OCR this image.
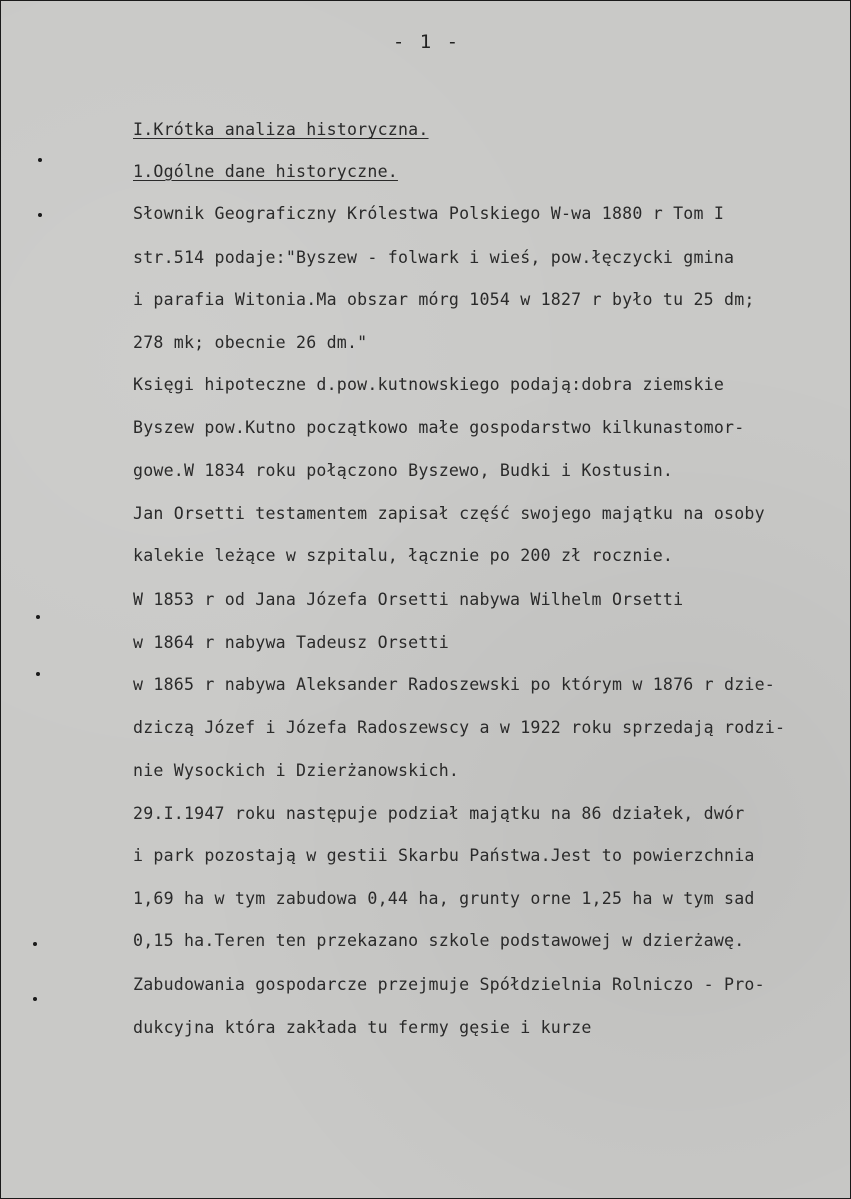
- 1 -
I.Krótka analiza historyczna.
1.Ogólne dane historyczne.
Słownik Geograficzny Królestwa Polskiego W-wa 1880 r Tom I
str.514 podaje:"Byszew - folwark i wieś, pow.łęczycki gmina
i parafia Witonia.Ma obszar mórg 1054 w 1827 r było tu 25 dm;
278 mk; obecnie 26 dm."
Księgi hipoteczne d.pow.kutnowskiego podają:dobra ziemskie
Byszew pow.Kutno początkowo małe gospodarstwo kilkunastomor-
gowe.W 1834 roku połączono Byszewo, Budki i Kostusin.
Jan Orsetti testamentem zapisał część swojego majątku na osoby
kalekie leżące w szpitalu, łącznie po 200 zł rocznie.
W 1853 r od Jana Józefa Orsetti nabywa Wilhelm Orsetti
w 1864 r nabywa Tadeusz Orsetti
w 1865 r nabywa Aleksander Radoszewski po którym w 1876 r dzie-
dziczą Józef i Józefa Radoszewscy a w 1922 roku sprzedają rodzi-
nie Wysockich i Dzierżanowskich.
29.I.1947 roku następuje podział majątku na 86 działek, dwór
i park pozostają w gestii Skarbu Państwa.Jest to powierzchnia
1,69 ha w tym zabudowa 0,44 ha, grunty orne 1,25 ha w tym sad
0,15 ha.Teren ten przekazano szkole podstawowej w dzierżawę.
Zabudowania gospodarcze przejmuje Spółdzielnia Rolniczo - Pro-
dukcyjna która zakłada tu fermy gęsie i kurze
